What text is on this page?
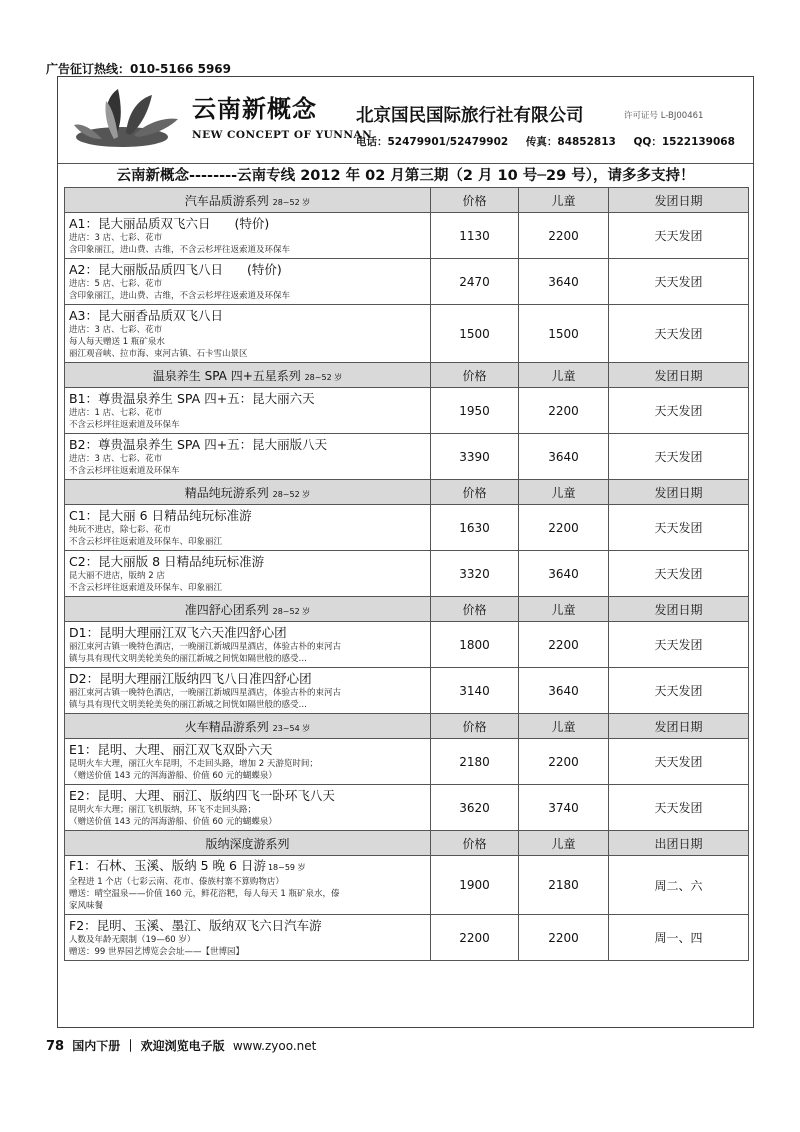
广告征订热线：010-5166 5969
云南新概念
NEW CONCEPT OF YUNNAN
北京国民国际旅行社有限公司	许可证号 L-BJ00461
电话：52479901/52479902 传真：84852813 QQ：1522139068
云南新概念--------云南专线 2012 年 02 月第三期（2 月 10 号─29 号），请多多支持！
汽车品质游系列 28~52 岁	价格	儿童	发团日期

A1：昆大丽品质双飞六日 (特价)
进店：3 店、七彩、花市
含印象丽江，进山费、古维，不含云杉坪往返索道及环保车	1130	2200	天天发团

A2：昆大丽版品质四飞八日 (特价)
进店：5 店、七彩、花市
含印象丽江，进山费、古维，不含云杉坪往返索道及环保车	2470	3640	天天发团

A3：昆大丽香品质双飞八日
进店：3 店、七彩、花市
每人每天赠送 1 瓶矿泉水
丽江观音峡、拉市海、束河古镇、石卡雪山景区	1500	1500	天天发团
温泉养生 SPA 四+五星系列 28~52 岁	价格	儿童	发团日期

B1：尊贵温泉养生 SPA 四+五：昆大丽六天
进店：1 店、七彩、花市
不含云杉坪往返索道及环保车	1950	2200	天天发团

B2：尊贵温泉养生 SPA 四+五：昆大丽版八天
进店：3 店、七彩、花市
不含云杉坪往返索道及环保车	3390	3640	天天发团
精品纯玩游系列 28~52 岁	价格	儿童	发团日期

C1：昆大丽 6 日精品纯玩标准游
纯玩不进店，除七彩、花市
不含云杉坪往返索道及环保车、印象丽江	1630	2200	天天发团

C2：昆大丽版 8 日精品纯玩标准游
昆大丽不进店，版纳 2 店
不含云杉坪往返索道及环保车、印象丽江	3320	3640	天天发团
准四舒心团系列 28~52 岁	价格	儿童	发团日期

D1：昆明大理丽江双飞六天准四舒心团
丽江束河古镇一晚特色酒店，一晚丽江新城四星酒店，体验古朴的束河古
镇与具有现代文明美轮美奂的丽江新城之间恍如隔世般的感受…	1800	2200	天天发团

D2：昆明大理丽江版纳四飞八日准四舒心团
丽江束河古镇一晚特色酒店，一晚丽江新城四星酒店，体验古朴的束河古
镇与具有现代文明美轮美奂的丽江新城之间恍如隔世般的感受…	3140	3640	天天发团
火车精品游系列 23~54 岁	价格	儿童	发团日期

E1：昆明、大理、丽江双飞双卧六天
昆明火车大理，丽江火车昆明，不走回头路，增加 2 天游览时间；
（赠送价值 143 元的洱海游船、价值 60 元的蝴蝶泉）	2180	2200	天天发团

E2：昆明、大理、丽江、版纳四飞一卧环飞八天
昆明火车大理；丽江飞机版纳，环飞不走回头路；
（赠送价值 143 元的洱海游船、价值 60 元的蝴蝶泉）	3620	3740	天天发团
版纳深度游系列	价格	儿童	出团日期

F1：石林、玉溪、版纳 5 晚 6 日游 18~59 岁
全程进 1 个店（七彩云南、花市、傣族村寨不算购物店）
赠送：晴空温泉——价值 160 元，鲜花浴粑，每人每天 1 瓶矿泉水，傣
家风味餐	1900	2180	周二、六

F2：昆明、玉溪、墨江、版纳双飞六日汽车游
人数及年龄无限制（19—60 岁）
赠送：99 世界园艺博览会会址——【世博园】	2200	2200	周一、四
78 国内下册 ｜ 欢迎浏览电子版 www.zyoo.net
